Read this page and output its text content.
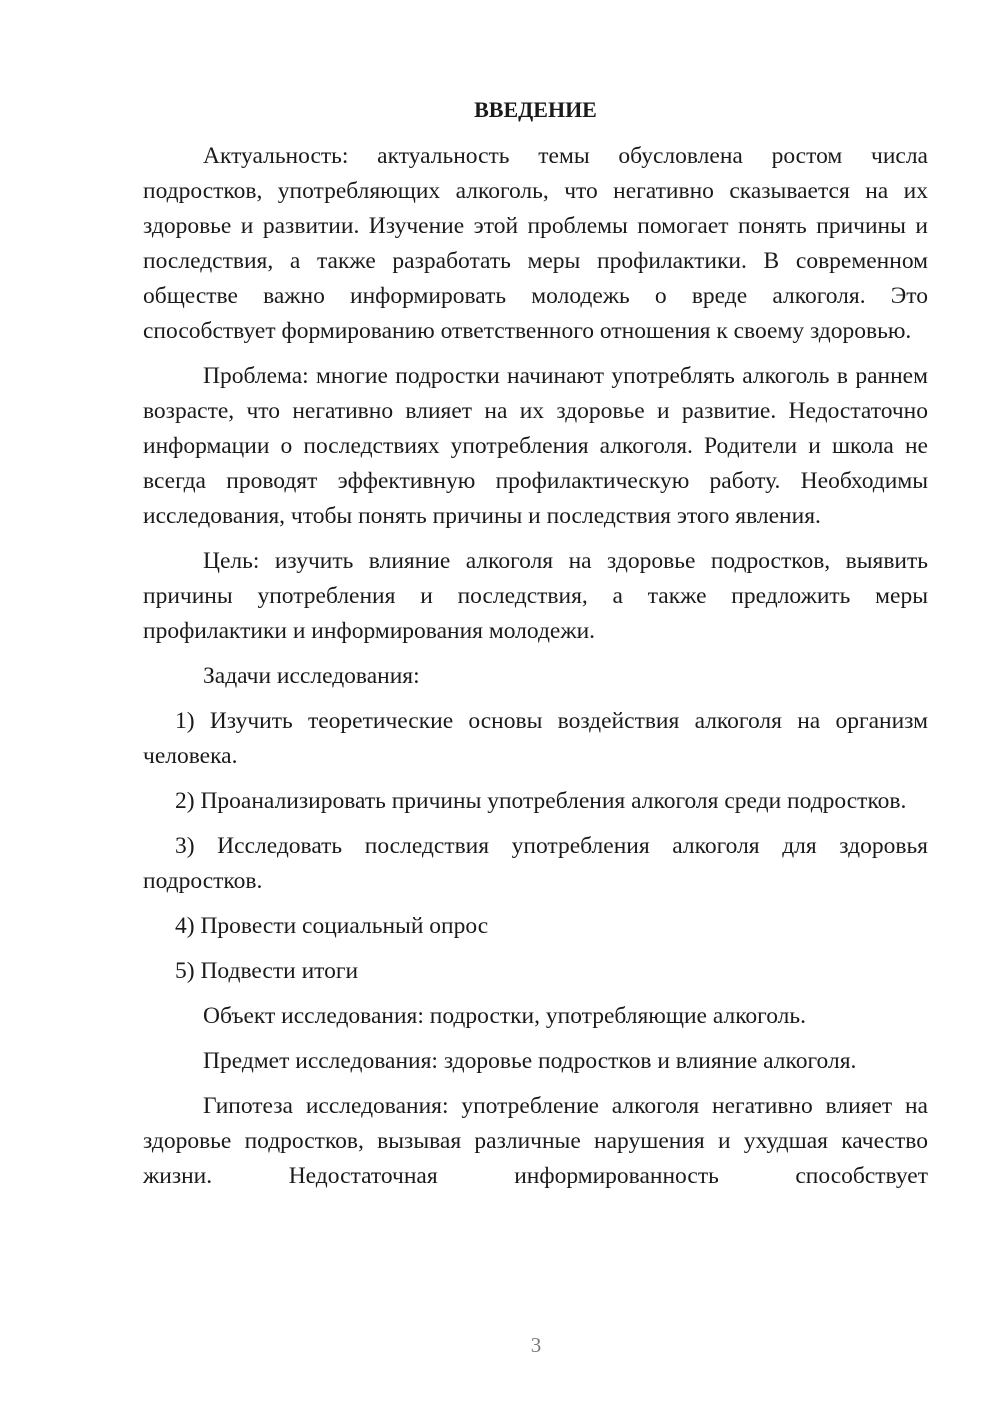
ВВЕДЕНИЕ

Актуальность: актуальность темы обусловлена ростом числа подростков, употребляющих алкоголь, что негативно сказывается на их здоровье и развитии. Изучение этой проблемы помогает понять причины и последствия, а также разработать меры профилактики. В современном обществе важно информировать молодежь о вреде алкоголя. Это способствует формированию ответственного отношения к своему здоровью.

Проблема: многие подростки начинают употреблять алкоголь в раннем возрасте, что негативно влияет на их здоровье и развитие. Недостаточно информации о последствиях употребления алкоголя. Родители и школа не всегда проводят эффективную профилактическую работу. Необходимы исследования, чтобы понять причины и последствия этого явления.

Цель: изучить влияние алкоголя на здоровье подростков, выявить причины употребления и последствия, а также предложить меры профилактики и информирования молодежи.

Задачи исследования:

1) Изучить теоретические основы воздействия алкоголя на организм человека.

2) Проанализировать причины употребления алкоголя среди подростков.

3) Исследовать последствия употребления алкоголя для здоровья подростков.

4) Провести социальный опрос

5) Подвести итоги

Объект исследования: подростки, употребляющие алкоголь.

Предмет исследования: здоровье подростков и влияние алкоголя.

Гипотеза исследования: употребление алкоголя негативно влияет на здоровье подростков, вызывая различные нарушения и ухудшая качество жизни. Недостаточная информированность способствует

3
